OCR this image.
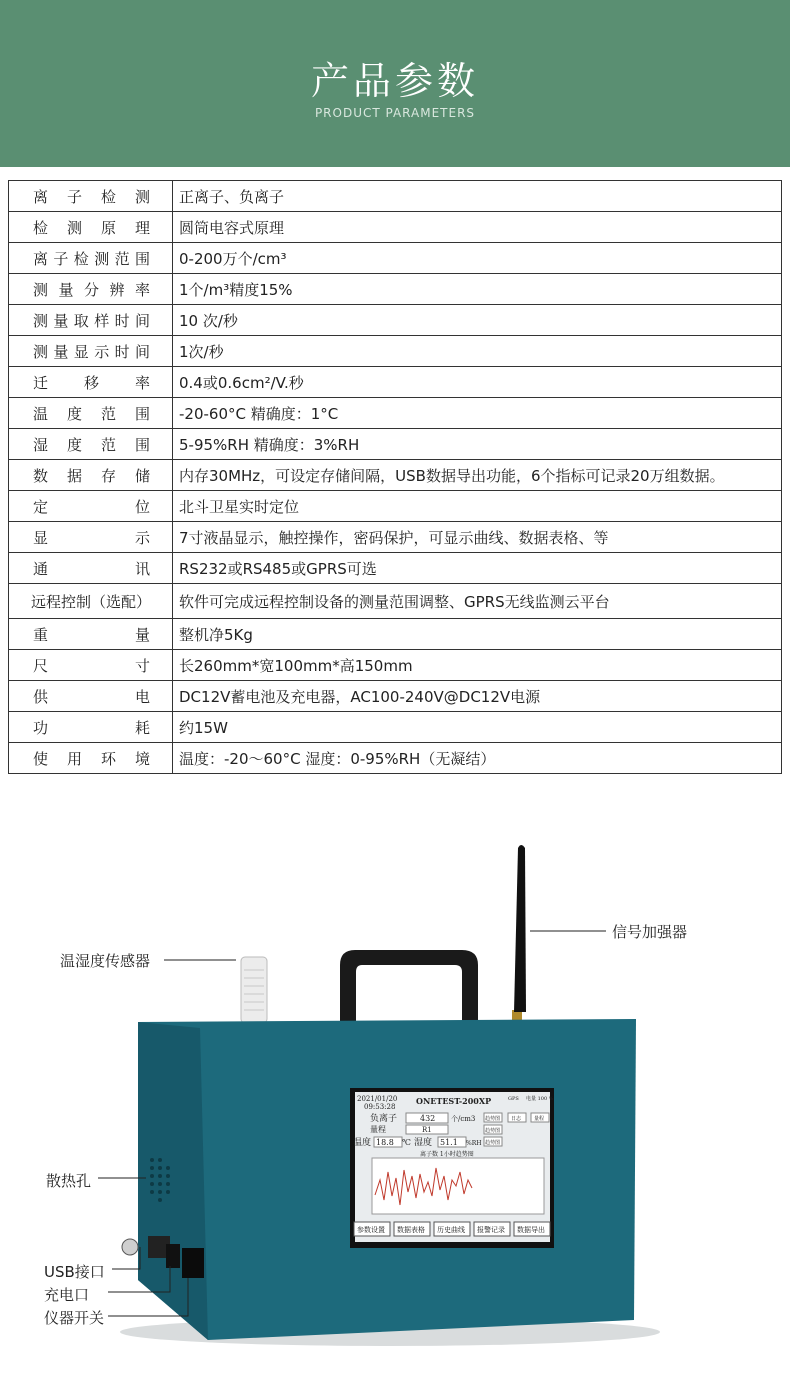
产品参数
PRODUCT PARAMETERS
离子检测	正离子、负离子
检测原理	圆筒电容式原理
离子检测范围	0-200万个/cm³
测量分辨率	1个/m³精度15%
测量取样时间	10 次/秒
测量显示时间	1次/秒
迁移率	0.4或0.6cm²/V.秒
温度范围	-20-60°C 精确度：1°C
湿度范围	5-95%RH 精确度：3%RH
数据存储	内存30MHz，可设定存储间隔，USB数据导出功能，6个指标可记录20万组数据。
定位	北斗卫星实时定位
显示	7寸液晶显示，触控操作，密码保护，可显示曲线、数据表格、等
通讯	RS232或RS485或GPRS可选
远程控制（选配）	软件可完成远程控制设备的测量范围调整、GPRS无线监测云平台
重量	整机净5Kg
尺寸	长260mm*宽100mm*高150mm
供电	DC12V蓄电池及充电器，AC100-240V@DC12V电源
功耗	约15W
使用环境	温度：-20～60°C 湿度：0-95%RH（无凝结）
2021/01/20
09:53:28
ONETEST-200XP	GPS 电量 100 %
负离子	432 个/cm3
量程	R1
温度 18.8 ℃ 湿度 51.1 %RH
趋势图 日志	量程
趋势图
趋势图
离子数 1小时趋势图
参数设置 数据表格 历史曲线 报警记录 数据导出
信号加强器
温湿度传感器
散热孔
USB接口
充电口
仪器开关
